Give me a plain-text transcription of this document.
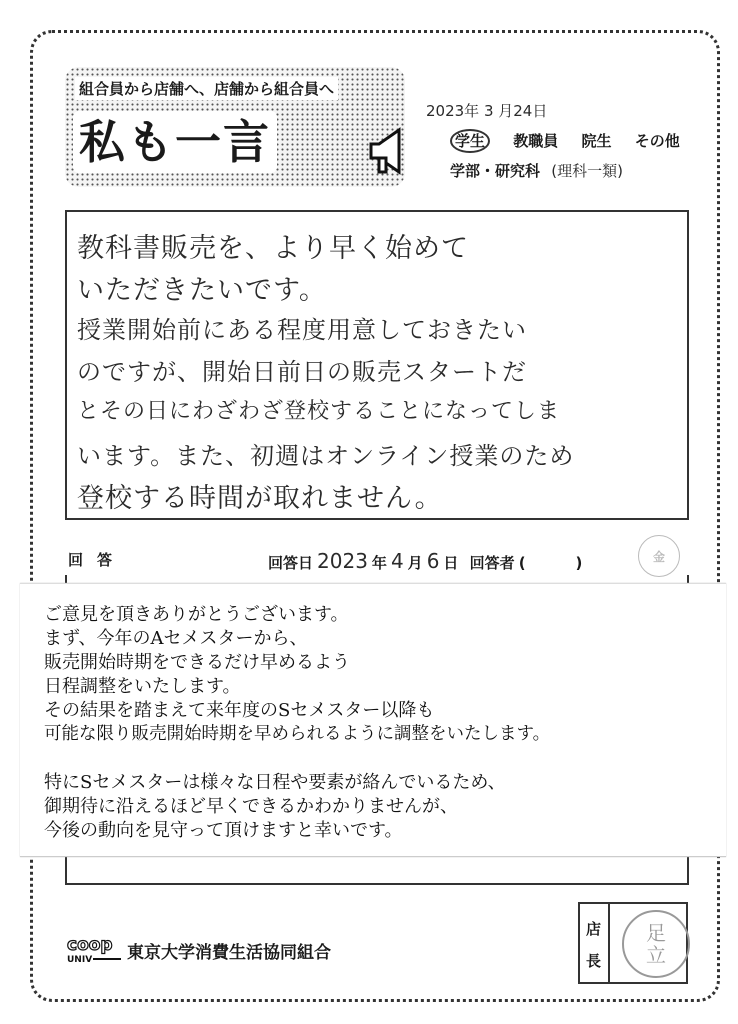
組合員から店舗へ、店舗から組合員へ
私も一言
2023年 3 月24日
学生 教職員 院生 その他
学部・研究科 (理科一類)
教科書販売を、より早く始めて
いただきたいです。
授業開始前にある程度用意しておきたい
のですが、開始日前日の販売スタートだ
とその日にわざわざ登校することになってしま
います。また、初週はオンライン授業のため
登校する時間が取れません。
回答	回答日 2023 年 4 月 6 日 回答者 (	)	金
ご意見を頂きありがとうございます。
まず、今年のAセメスターから、
販売開始時期をできるだけ早めるよう
日程調整をいたします。
その結果を踏まえて来年度のSセメスター以降も
可能な限り販売開始時期を早められるように調整をいたします。
特にSセメスターは様々な日程や要素が絡んでいるため、
御期待に沿えるほど早くできるかわかりませんが、
今後の動向を見守って頂けますと幸いです。
coop
UNIV 東京大学消費生活協同組合
店
長
足
立
